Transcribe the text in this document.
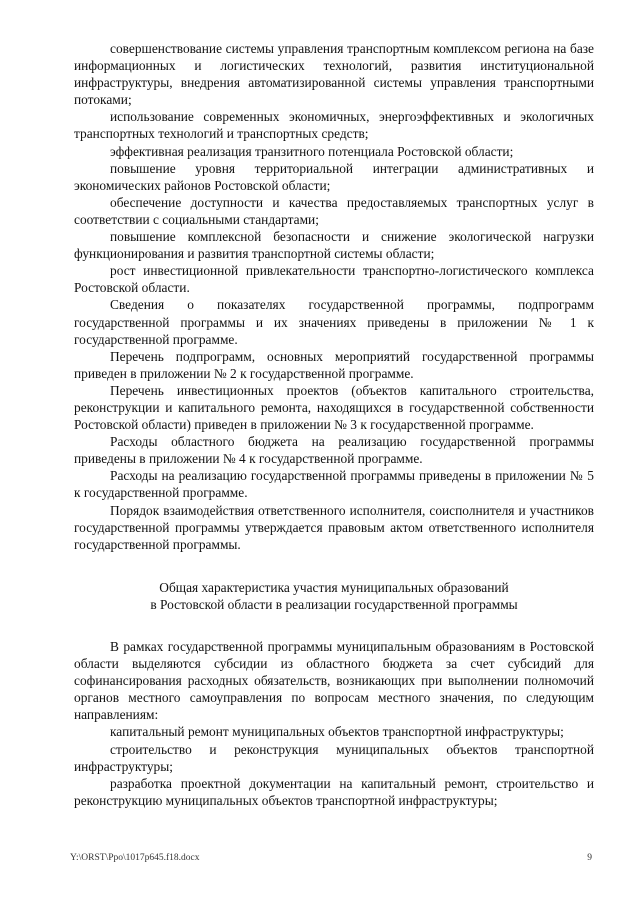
совершенствование системы управления транспортным комплексом региона на базе информационных и логистических технологий, развития институциональной инфраструктуры, внедрения автоматизированной системы управления транспортными потоками;

использование современных экономичных, энергоэффективных и экологичных транспортных технологий и транспортных средств;

эффективная реализация транзитного потенциала Ростовской области;

повышение уровня территориальной интеграции административных и экономических районов Ростовской области;

обеспечение доступности и качества предоставляемых транспортных услуг в соответствии с социальными стандартами;

повышение комплексной безопасности и снижение экологической нагрузки функционирования и развития транспортной системы области;

рост инвестиционной привлекательности транспортно-логистического комплекса Ростовской области.

Сведения о показателях государственной программы, подпрограмм государственной программы и их значениях приведены в приложении № 1 к государственной программе.

Перечень подпрограмм, основных мероприятий государственной программы приведен в приложении № 2 к государственной программе.

Перечень инвестиционных проектов (объектов капитального строительства, реконструкции и капитального ремонта, находящихся в государственной собственности Ростовской области) приведен в приложении № 3 к государственной программе.

Расходы областного бюджета на реализацию государственной программы приведены в приложении № 4 к государственной программе.

Расходы на реализацию государственной программы приведены в приложении № 5 к государственной программе.

Порядок взаимодействия ответственного исполнителя, соисполнителя и участников государственной программы утверждается правовым актом ответственного исполнителя государственной программы.

Общая характеристика участия муниципальных образований
в Ростовской области в реализации государственной программы

В рамках государственной программы муниципальным образованиям в Ростовской области выделяются субсидии из областного бюджета за счет субсидий для софинансирования расходных обязательств, возникающих при выполнении полномочий органов местного самоуправления по вопросам местного значения, по следующим направлениям:

капитальный ремонт муниципальных объектов транспортной инфраструктуры;

строительство и реконструкция муниципальных объектов транспортной инфраструктуры;

разработка проектной документации на капитальный ремонт, строительство и реконструкцию муниципальных объектов транспортной инфраструктуры;

Y:\ORST\Ppo\1017p645.f18.docx	9
